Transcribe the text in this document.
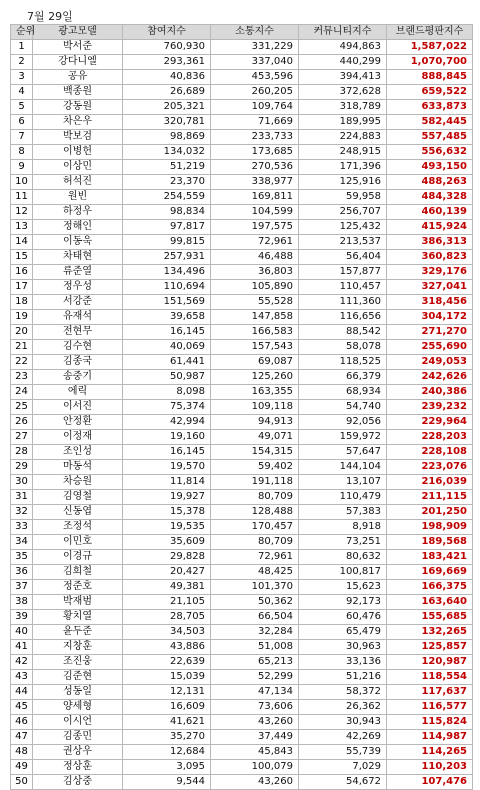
7월 29일
순위	광고모델	참여지수	소통지수	커뮤니티지수	브랜드평판지수
1	박서준	760,930	331,229	494,863	1,587,022
2	강다니엘	293,361	337,040	440,299	1,070,700
3	공유	40,836	453,596	394,413	888,845
4	백종원	26,689	260,205	372,628	659,522
5	강동원	205,321	109,764	318,789	633,873
6	차은우	320,781	71,669	189,995	582,445
7	박보검	98,869	233,733	224,883	557,485
8	이병헌	134,032	173,685	248,915	556,632
9	이상민	51,219	270,536	171,396	493,150
10	허석진	23,370	338,977	125,916	488,263
11	원빈	254,559	169,811	59,958	484,328
12	하정우	98,834	104,599	256,707	460,139
13	정해인	97,817	197,575	125,432	415,924
14	이동욱	99,815	72,961	213,537	386,313
15	차태현	257,931	46,488	56,404	360,823
16	류준열	134,496	36,803	157,877	329,176
17	정우성	110,694	105,890	110,457	327,041
18	서강준	151,569	55,528	111,360	318,456
19	유재석	39,658	147,858	116,656	304,172
20	전현무	16,145	166,583	88,542	271,270
21	김수현	40,069	157,543	58,078	255,690
22	김종국	61,441	69,087	118,525	249,053
23	송중기	50,987	125,260	66,379	242,626
24	에릭	8,098	163,355	68,934	240,386
25	이서진	75,374	109,118	54,740	239,232
26	안정환	42,994	94,913	92,056	229,964
27	이정재	19,160	49,071	159,972	228,203
28	조인성	16,145	154,315	57,647	228,108
29	마동석	19,570	59,402	144,104	223,076
30	차승원	11,814	191,118	13,107	216,039
31	김영철	19,927	80,709	110,479	211,115
32	신동엽	15,378	128,488	57,383	201,250
33	조정석	19,535	170,457	8,918	198,909
34	이민호	35,609	80,709	73,251	189,568
35	이경규	29,828	72,961	80,632	183,421
36	김희철	20,427	48,425	100,817	169,669
37	정준호	49,381	101,370	15,623	166,375
38	박재범	21,105	50,362	92,173	163,640
39	황치열	28,705	66,504	60,476	155,685
40	윤두준	34,503	32,284	65,479	132,265
41	지창훈	43,886	51,008	30,963	125,857
42	조진웅	22,639	65,213	33,136	120,987
43	김준현	15,039	52,299	51,216	118,554
44	성동일	12,131	47,134	58,372	117,637
45	양세형	16,609	73,606	26,362	116,577
46	이시언	41,621	43,260	30,943	115,824
47	김종민	35,270	37,449	42,269	114,987
48	권상우	12,684	45,843	55,739	114,265
49	정상훈	3,095	100,079	7,029	110,203
50	김상중	9,544	43,260	54,672	107,476
